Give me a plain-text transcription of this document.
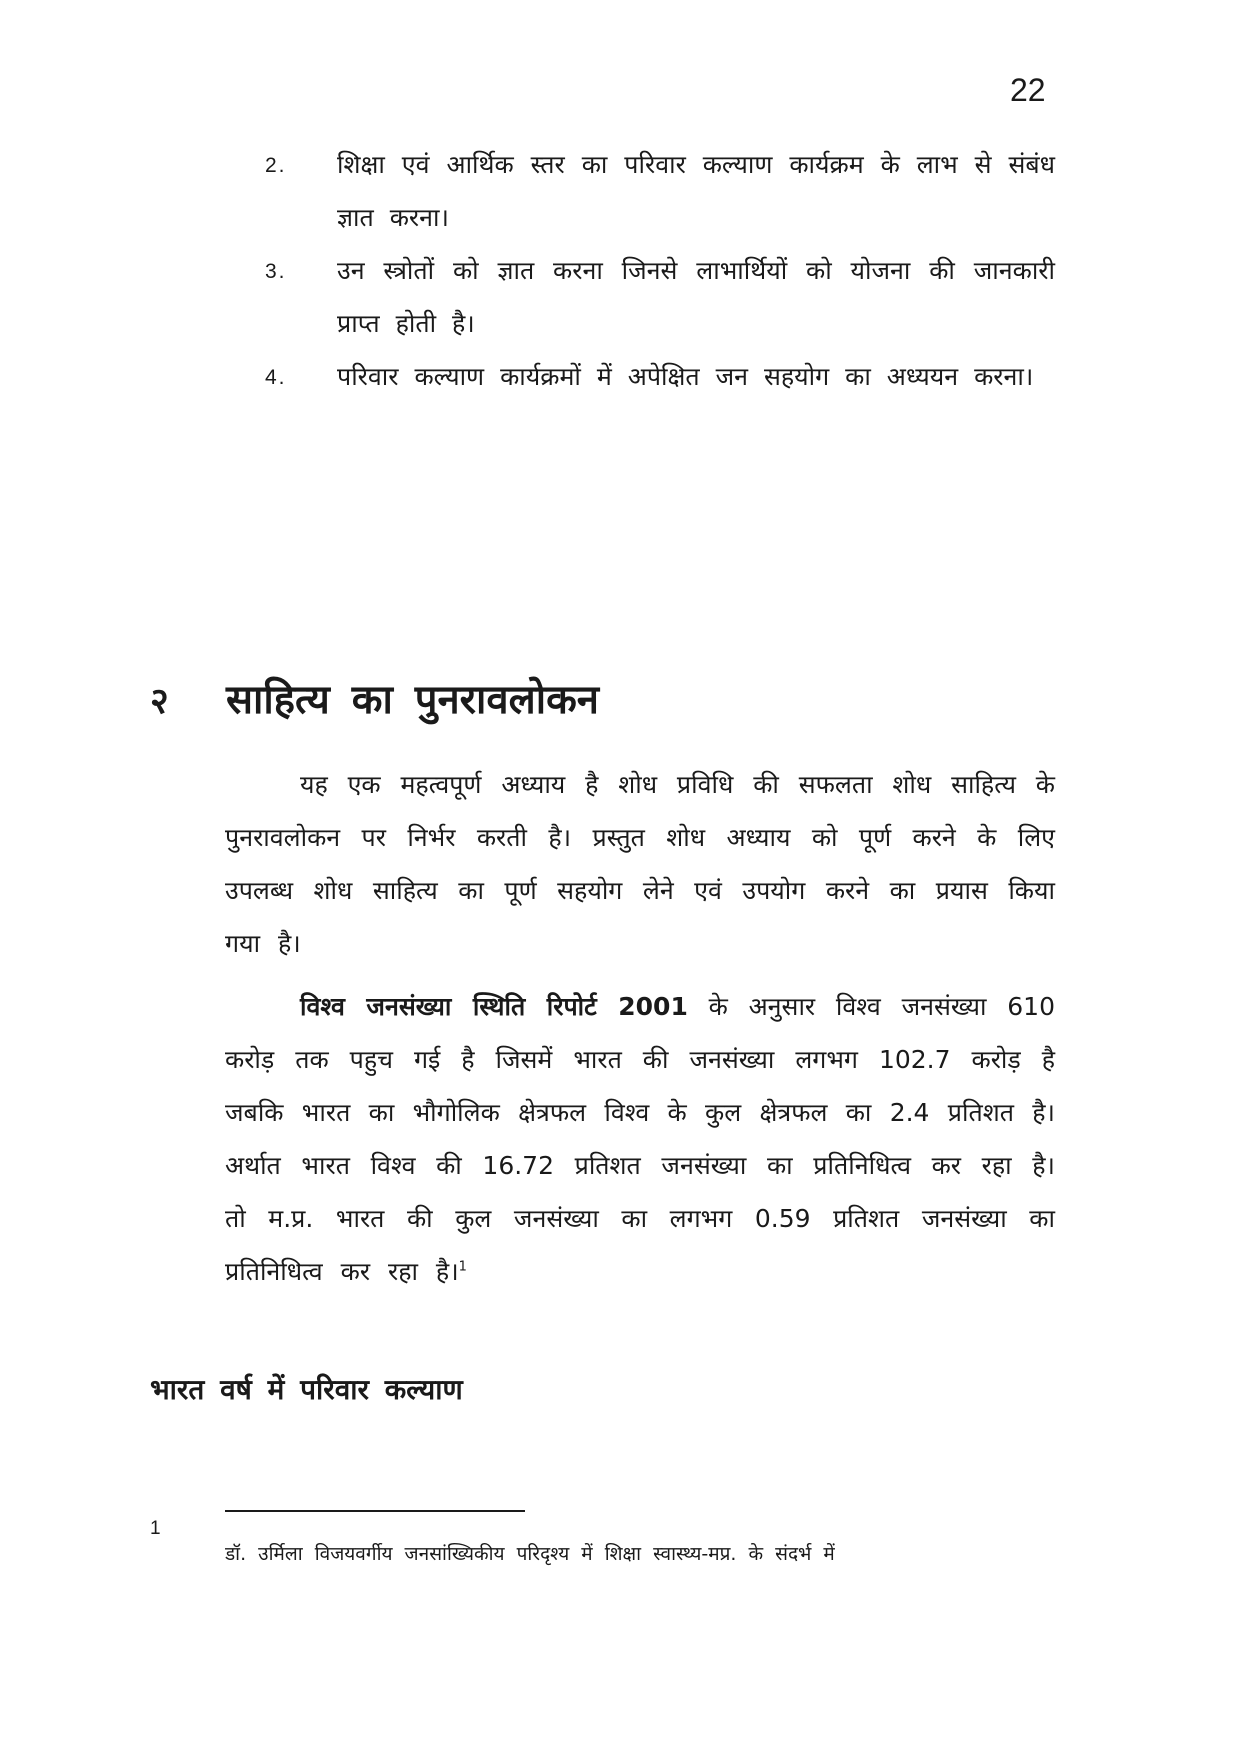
22
2.	शिक्षा एवं आर्थिक स्तर का परिवार कल्याण कार्यक्रम के लाभ से संबंध ज्ञात करना।
3.	उन स्त्रोतों को ज्ञात करना जिनसे लाभार्थियों को योजना की जानकारी प्राप्त होती है।
4.	परिवार कल्याण कार्यक्रमों में अपेक्षित जन सहयोग का अध्ययन करना।
२	साहित्य का पुनरावलोकन

यह एक महत्वपूर्ण अध्याय है शोध प्रविधि की सफलता शोध साहित्य के पुनरावलोकन पर निर्भर करती है। प्रस्तुत शोध अध्याय को पूर्ण करने के लिए उपलब्ध शोध साहित्य का पूर्ण सहयोग लेने एवं उपयोग करने का प्रयास किया गया है।

विश्व जनसंख्या स्थिति रिपोर्ट 2001 के अनुसार विश्व जनसंख्या 610 करोड़ तक पहुच गई है जिसमें भारत की जनसंख्या लगभग 102.7 करोड़ है जबकि भारत का भौगोलिक क्षेत्रफल विश्व के कुल क्षेत्रफल का 2.4 प्रतिशत है। अर्थात भारत विश्व की 16.72 प्रतिशत जनसंख्या का प्रतिनिधित्व कर रहा है। तो म.प्र. भारत की कुल जनसंख्या का लगभग 0.59 प्रतिशत जनसंख्या का प्रतिनिधित्व कर रहा है।$^1$

भारत वर्ष में परिवार कल्याण
1
डॉ. उर्मिला विजयवर्गीय जनसांख्यिकीय परिदृश्य में शिक्षा स्वास्थ्य-मप्र. के संदर्भ में
